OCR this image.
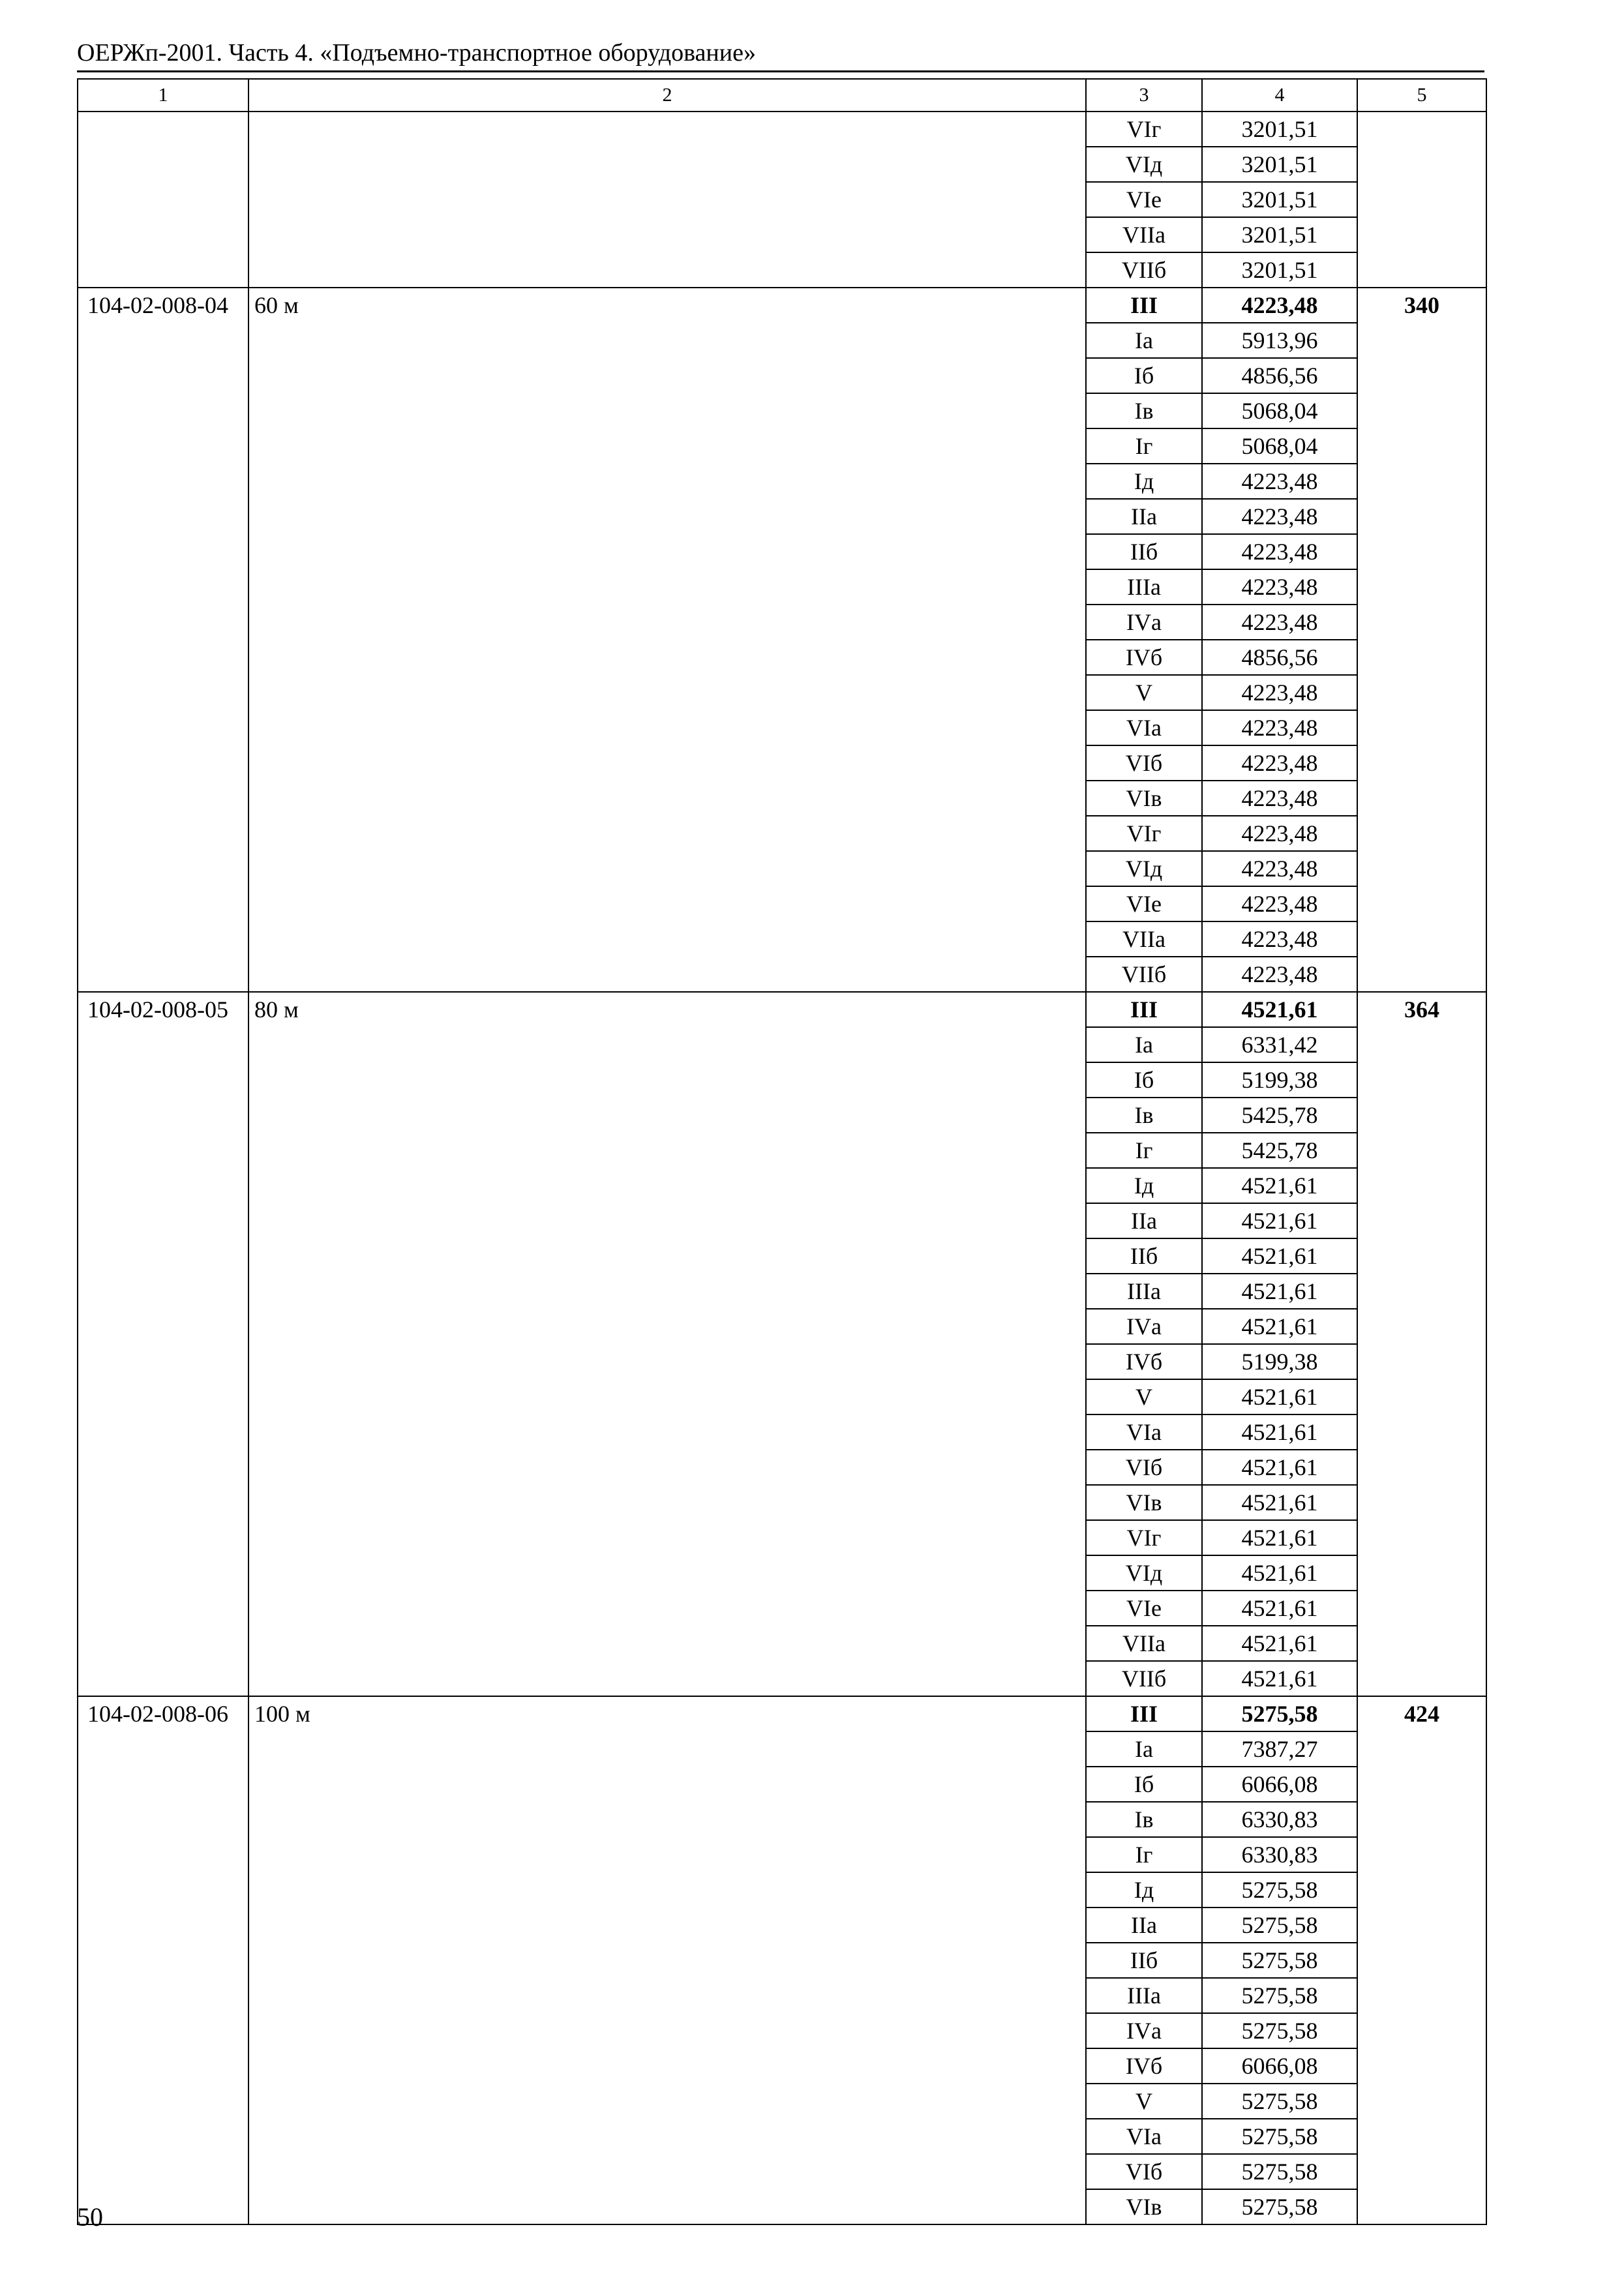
ОЕРЖп-2001. Часть 4. «Подъемно-транспортное оборудование»
1	2	3	4	5
		VIг	3201,51	
		VIд	3201,51	
		VIе	3201,51	
		VIIа	3201,51	
		VIIб	3201,51	
104-02-008-04	60 м	III	4223,48	340
		Iа	5913,96	
		Iб	4856,56	
		Iв	5068,04	
		Iг	5068,04	
		Iд	4223,48	
		IIа	4223,48	
		IIб	4223,48	
		IIIа	4223,48	
		IVа	4223,48	
		IVб	4856,56	
		V	4223,48	
		VIа	4223,48	
		VIб	4223,48	
		VIв	4223,48	
		VIг	4223,48	
		VIд	4223,48	
		VIе	4223,48	
		VIIа	4223,48	
		VIIб	4223,48	
104-02-008-05	80 м	III	4521,61	364
		Iа	6331,42	
		Iб	5199,38	
		Iв	5425,78	
		Iг	5425,78	
		Iд	4521,61	
		IIа	4521,61	
		IIб	4521,61	
		IIIа	4521,61	
		IVа	4521,61	
		IVб	5199,38	
		V	4521,61	
		VIа	4521,61	
		VIб	4521,61	
		VIв	4521,61	
		VIг	4521,61	
		VIд	4521,61	
		VIе	4521,61	
		VIIа	4521,61	
		VIIб	4521,61	
104-02-008-06	100 м	III	5275,58	424
		Iа	7387,27	
		Iб	6066,08	
		Iв	6330,83	
		Iг	6330,83	
		Iд	5275,58	
		IIа	5275,58	
		IIб	5275,58	
		IIIа	5275,58	
		IVа	5275,58	
		IVб	6066,08	
		V	5275,58	
		VIа	5275,58	
		VIб	5275,58	
		VIв	5275,58	
50
